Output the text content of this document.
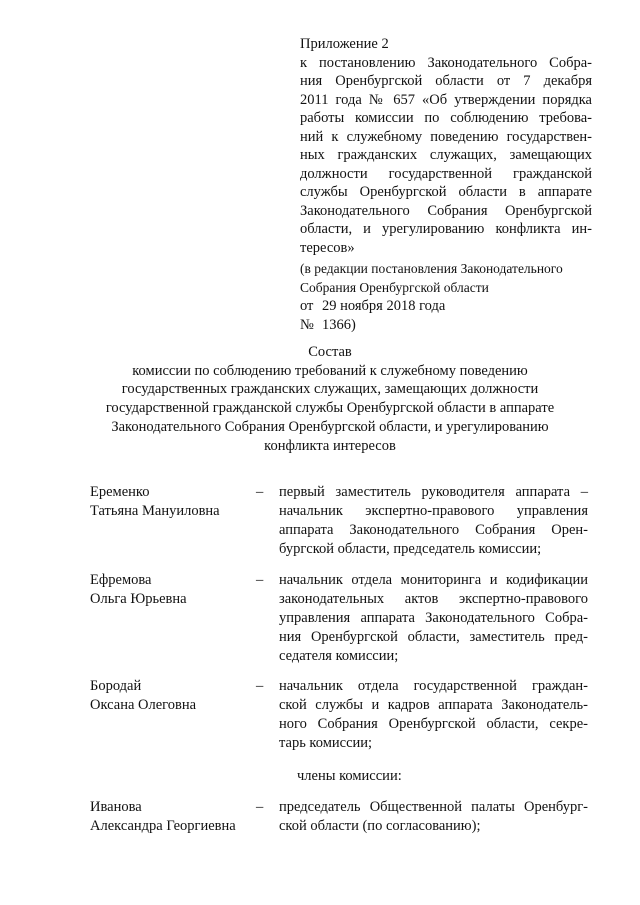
Приложение 2
к постановлению Законодательного Собра-
ния Оренбургской области от 7 декабря
2011 года № 657 «Об утверждении порядка
работы комиссии по соблюдению требова-
ний к служебному поведению государствен-
ных гражданских служащих, замещающих
должности государственной гражданской
службы Оренбургской области в аппарате
Законодательного Собрания Оренбургской
области, и урегулированию конфликта ин-
тересов»
(в редакции постановления Законодательного
Собрания Оренбургской области
от 29 ноября 2018 года
№ 1366)
Состав
комиссии по соблюдению требований к служебному поведению
государственных гражданских служащих, замещающих должности
государственной гражданской службы Оренбургской области в аппарате
Законодательного Собрания Оренбургской области, и урегулированию
конфликта интересов
Еременко
Татьяна Мануиловна
– первый заместитель руководителя аппарата –
начальник экспертно-правового управления
аппарата Законодательного Собрания Орен-
бургской области, председатель комиссии;
Ефремова
Ольга Юрьевна
– начальник отдела мониторинга и кодификации
законодательных актов экспертно-правового
управления аппарата Законодательного Собра-
ния Оренбургской области, заместитель пред-
седателя комиссии;
Бородай
Оксана Олеговна
– начальник отдела государственной граждан-
ской службы и кадров аппарата Законодатель-
ного Собрания Оренбургской области, секре-
тарь комиссии;
члены комиссии:
Иванова
Александра Георгиевна
– председатель Общественной палаты Оренбург-
ской области (по согласованию);
